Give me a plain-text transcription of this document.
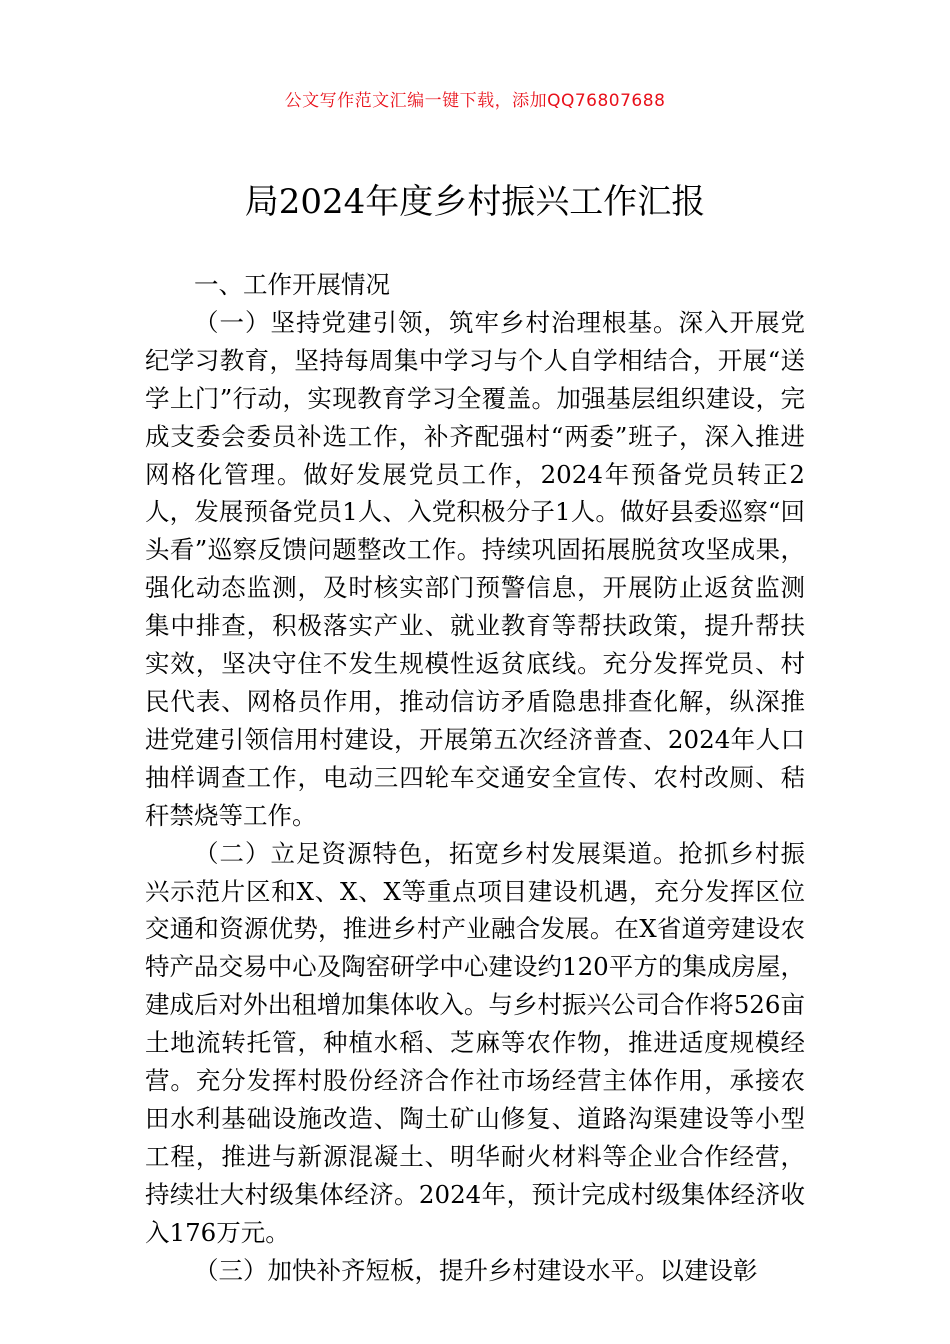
公文写作范文汇编一键下载，添加QQ76807688
局2024年度乡村振兴工作汇报

一、工作开展情况

（一）坚持党建引领，筑牢乡村治理根基。深入开展党纪学习教育，坚持每周集中学习与个人自学相结合，开展“送学上门”行动，实现教育学习全覆盖。加强基层组织建设，完成支委会委员补选工作，补齐配强村“两委”班子，深入推进网格化管理。做好发展党员工作，2024年预备党员转正2人，发展预备党员1人、入党积极分子1人。做好县委巡察“回头看”巡察反馈问题整改工作。持续巩固拓展脱贫攻坚成果，强化动态监测，及时核实部门预警信息，开展防止返贫监测集中排查，积极落实产业、就业教育等帮扶政策，提升帮扶实效，坚决守住不发生规模性返贫底线。充分发挥党员、村民代表、网格员作用，推动信访矛盾隐患排查化解，纵深推进党建引领信用村建设，开展第五次经济普查、2024年人口抽样调查工作，电动三四轮车交通安全宣传、农村改厕、秸秆禁烧等工作。

（二）立足资源特色，拓宽乡村发展渠道。抢抓乡村振兴示范片区和X、X、X等重点项目建设机遇，充分发挥区位交通和资源优势，推进乡村产业融合发展。在X省道旁建设农特产品交易中心及陶窑研学中心建设约120平方的集成房屋，建成后对外出租增加集体收入。与乡村振兴公司合作将526亩土地流转托管，种植水稻、芝麻等农作物，推进适度规模经营。充分发挥村股份经济合作社市场经营主体作用，承接农田水利基础设施改造、陶土矿山修复、道路沟渠建设等小型工程，推进与新源混凝土、明华耐火材料等企业合作经营，持续壮大村级集体经济。2024年，预计完成村级集体经济收入176万元。

（三）加快补齐短板，提升乡村建设水平。以建设彰
